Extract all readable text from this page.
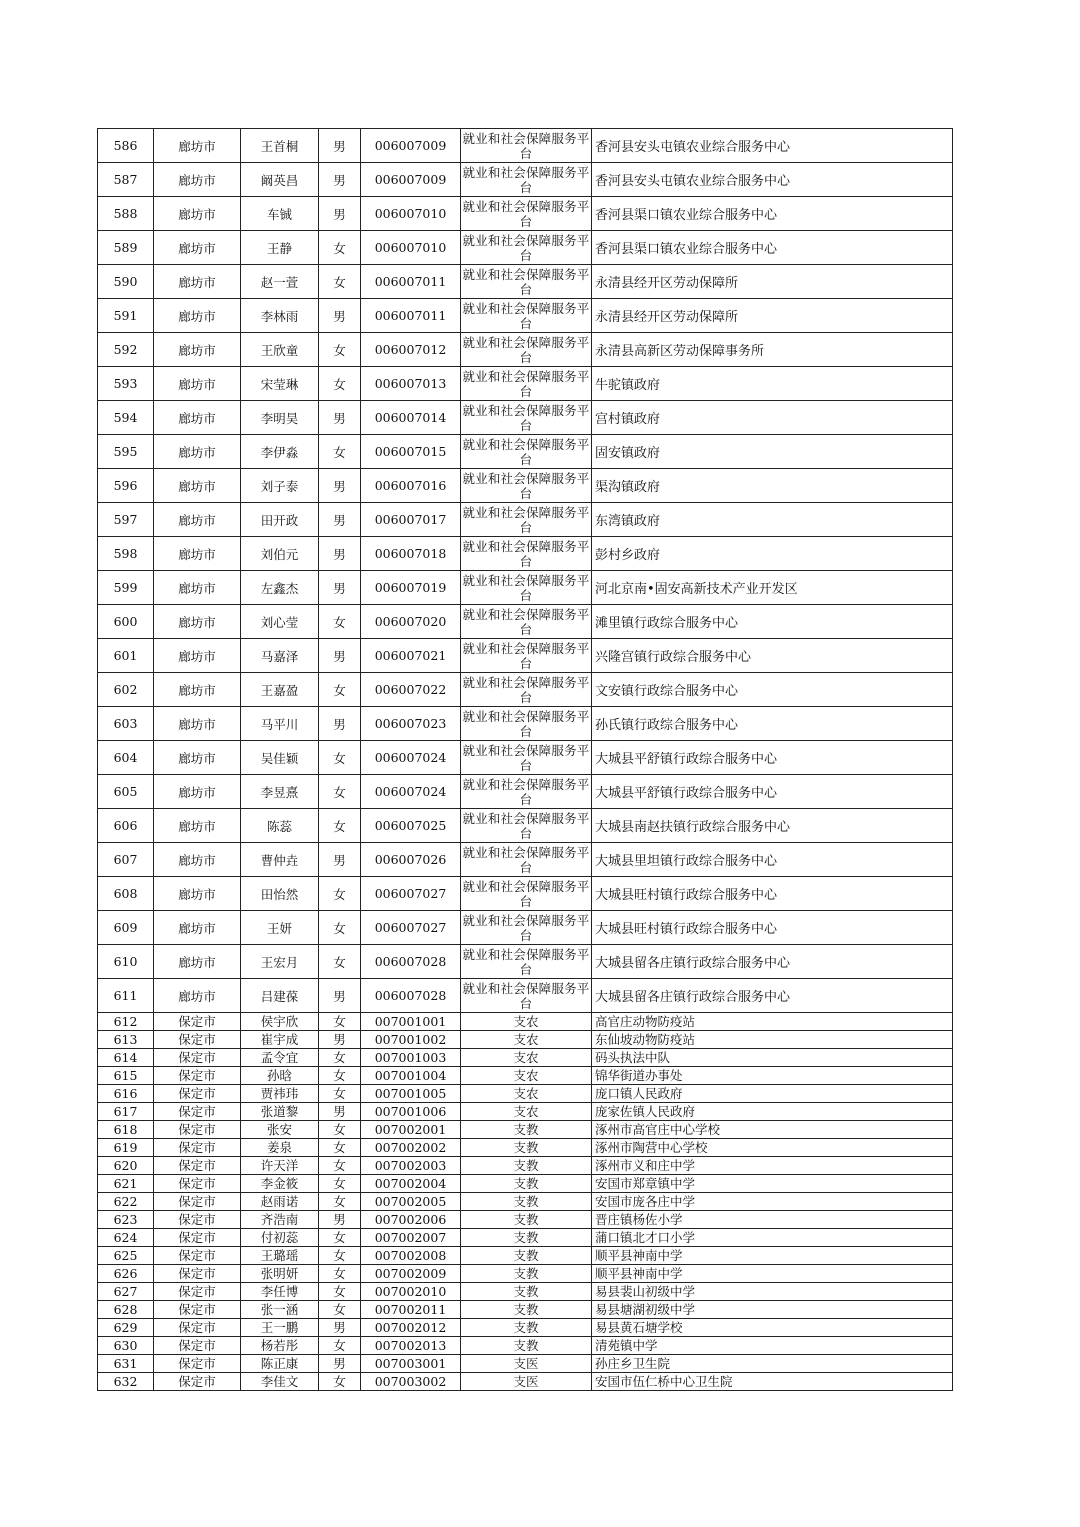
586	廊坊市	王首桐	男	006007009	就业和社会保障服务平台	香河县安头屯镇农业综合服务中心
587	廊坊市	阚英昌	男	006007009	就业和社会保障服务平台	香河县安头屯镇农业综合服务中心
588	廊坊市	车铖	男	006007010	就业和社会保障服务平台	香河县渠口镇农业综合服务中心
589	廊坊市	王静	女	006007010	就业和社会保障服务平台	香河县渠口镇农业综合服务中心
590	廊坊市	赵一萱	女	006007011	就业和社会保障服务平台	永清县经开区劳动保障所
591	廊坊市	李林雨	男	006007011	就业和社会保障服务平台	永清县经开区劳动保障所
592	廊坊市	王欣童	女	006007012	就业和社会保障服务平台	永清县高新区劳动保障事务所
593	廊坊市	宋莹琳	女	006007013	就业和社会保障服务平台	牛驼镇政府
594	廊坊市	李明昊	男	006007014	就业和社会保障服务平台	宫村镇政府
595	廊坊市	李伊淼	女	006007015	就业和社会保障服务平台	固安镇政府
596	廊坊市	刘子泰	男	006007016	就业和社会保障服务平台	渠沟镇政府
597	廊坊市	田开政	男	006007017	就业和社会保障服务平台	东湾镇政府
598	廊坊市	刘伯元	男	006007018	就业和社会保障服务平台	彭村乡政府
599	廊坊市	左鑫杰	男	006007019	就业和社会保障服务平台	河北京南•固安高新技术产业开发区
600	廊坊市	刘心莹	女	006007020	就业和社会保障服务平台	滩里镇行政综合服务中心
601	廊坊市	马嘉泽	男	006007021	就业和社会保障服务平台	兴隆宫镇行政综合服务中心
602	廊坊市	王嘉盈	女	006007022	就业和社会保障服务平台	文安镇行政综合服务中心
603	廊坊市	马平川	男	006007023	就业和社会保障服务平台	孙氏镇行政综合服务中心
604	廊坊市	吴佳颖	女	006007024	就业和社会保障服务平台	大城县平舒镇行政综合服务中心
605	廊坊市	李昱熹	女	006007024	就业和社会保障服务平台	大城县平舒镇行政综合服务中心
606	廊坊市	陈蕊	女	006007025	就业和社会保障服务平台	大城县南赵扶镇行政综合服务中心
607	廊坊市	曹仲垚	男	006007026	就业和社会保障服务平台	大城县里坦镇行政综合服务中心
608	廊坊市	田怡然	女	006007027	就业和社会保障服务平台	大城县旺村镇行政综合服务中心
609	廊坊市	王妍	女	006007027	就业和社会保障服务平台	大城县旺村镇行政综合服务中心
610	廊坊市	王宏月	女	006007028	就业和社会保障服务平台	大城县留各庄镇行政综合服务中心
611	廊坊市	吕建葆	男	006007028	就业和社会保障服务平台	大城县留各庄镇行政综合服务中心
612	保定市	侯宇欣	女	007001001	支农	高官庄动物防疫站
613	保定市	崔宇成	男	007001002	支农	东仙坡动物防疫站
614	保定市	孟令宜	女	007001003	支农	码头执法中队
615	保定市	孙晗	女	007001004	支农	锦华街道办事处
616	保定市	贾祎玮	女	007001005	支农	庞口镇人民政府
617	保定市	张道黎	男	007001006	支农	庞家佐镇人民政府
618	保定市	张安	女	007002001	支教	涿州市高官庄中心学校
619	保定市	姜泉	女	007002002	支教	涿州市陶营中心学校
620	保定市	许天洋	女	007002003	支教	涿州市义和庄中学
621	保定市	李金筱	女	007002004	支教	安国市郑章镇中学
622	保定市	赵雨诺	女	007002005	支教	安国市庞各庄中学
623	保定市	齐浩南	男	007002006	支教	晋庄镇杨佐小学
624	保定市	付初蕊	女	007002007	支教	蒲口镇北才口小学
625	保定市	王璐瑶	女	007002008	支教	顺平县神南中学
626	保定市	张明妍	女	007002009	支教	顺平县神南中学
627	保定市	李任博	女	007002010	支教	易县裴山初级中学
628	保定市	张一涵	女	007002011	支教	易县塘湖初级中学
629	保定市	王一鹏	男	007002012	支教	易县黄石塘学校
630	保定市	杨若彤	女	007002013	支教	清苑镇中学
631	保定市	陈正康	男	007003001	支医	孙庄乡卫生院
632	保定市	李佳文	女	007003002	支医	安国市伍仁桥中心卫生院
